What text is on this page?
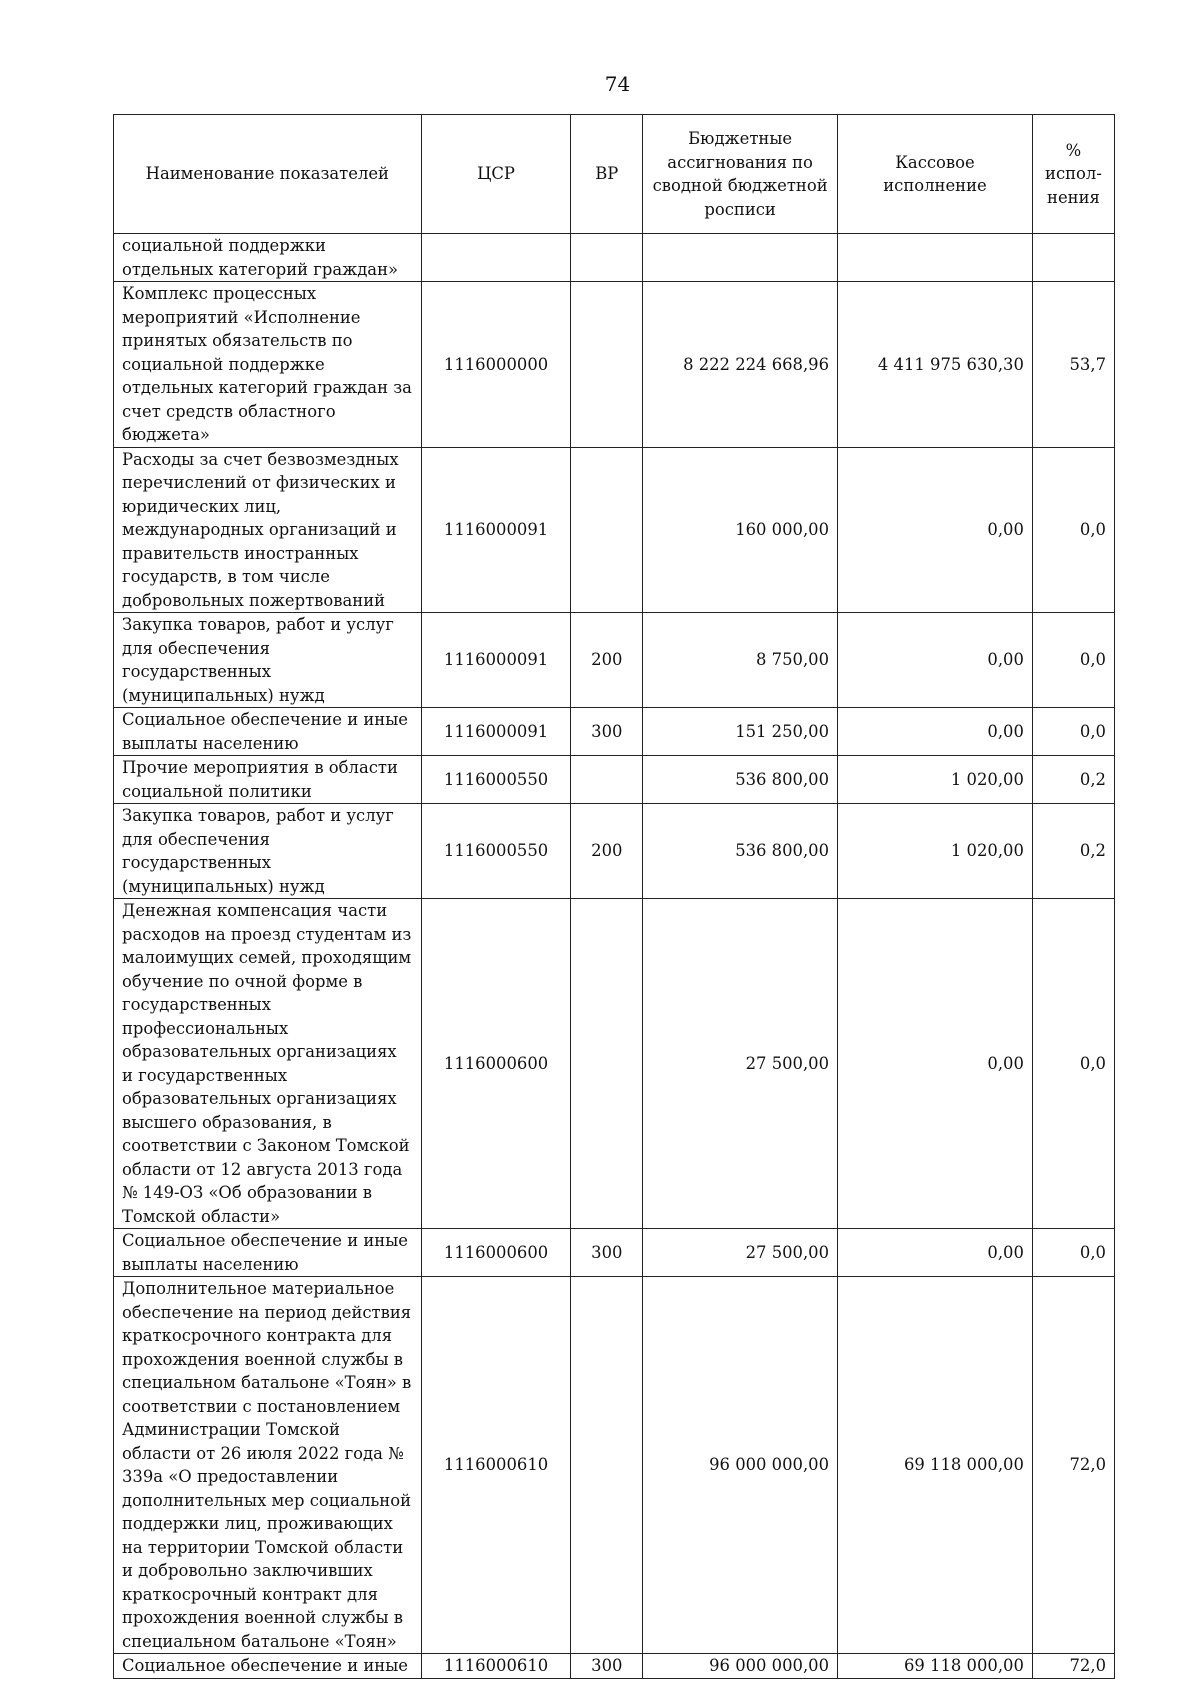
74
Наименование показателей	ЦСР	ВР	Бюджетные ассигнования по сводной бюджетной росписи	Кассовое исполнение	% испол-нения
социальной поддержки отдельных категорий граждан»					
Комплекс процессных мероприятий «Исполнение принятых обязательств по социальной поддержке отдельных категорий граждан за счет средств областного бюджета»	1116000000		8 222 224 668,96	4 411 975 630,30	53,7
Расходы за счет безвозмездных перечислений от физических и юридических лиц, международных организаций и правительств иностранных государств, в том числе добровольных пожертвований	1116000091		160 000,00	0,00	0,0
Закупка товаров, работ и услуг для обеспечения государственных (муниципальных) нужд	1116000091	200	8 750,00	0,00	0,0
Социальное обеспечение и иные выплаты населению	1116000091	300	151 250,00	0,00	0,0
Прочие мероприятия в области социальной политики	1116000550		536 800,00	1 020,00	0,2
Закупка товаров, работ и услуг для обеспечения государственных (муниципальных) нужд	1116000550	200	536 800,00	1 020,00	0,2
Денежная компенсация части расходов на проезд студентам из малоимущих семей, проходящим обучение по очной форме в государственных профессиональных образовательных организациях и государственных образовательных организациях высшего образования, в соответствии с Законом Томской области от 12 августа 2013 года № 149-ОЗ «Об образовании в Томской области»	1116000600		27 500,00	0,00	0,0
Социальное обеспечение и иные выплаты населению	1116000600	300	27 500,00	0,00	0,0
Дополнительное материальное обеспечение на период действия краткосрочного контракта для прохождения военной службы в специальном батальоне «Тоян» в соответствии с постановлением Администрации Томской области от 26 июля 2022 года № 339а «О предоставлении дополнительных мер социальной поддержки лиц, проживающих на территории Томской области и добровольно заключивших краткосрочный контракт для прохождения военной службы в специальном батальоне «Тоян»	1116000610		96 000 000,00	69 118 000,00	72,0
Социальное обеспечение и иные	1116000610	300	96 000 000,00	69 118 000,00	72,0
